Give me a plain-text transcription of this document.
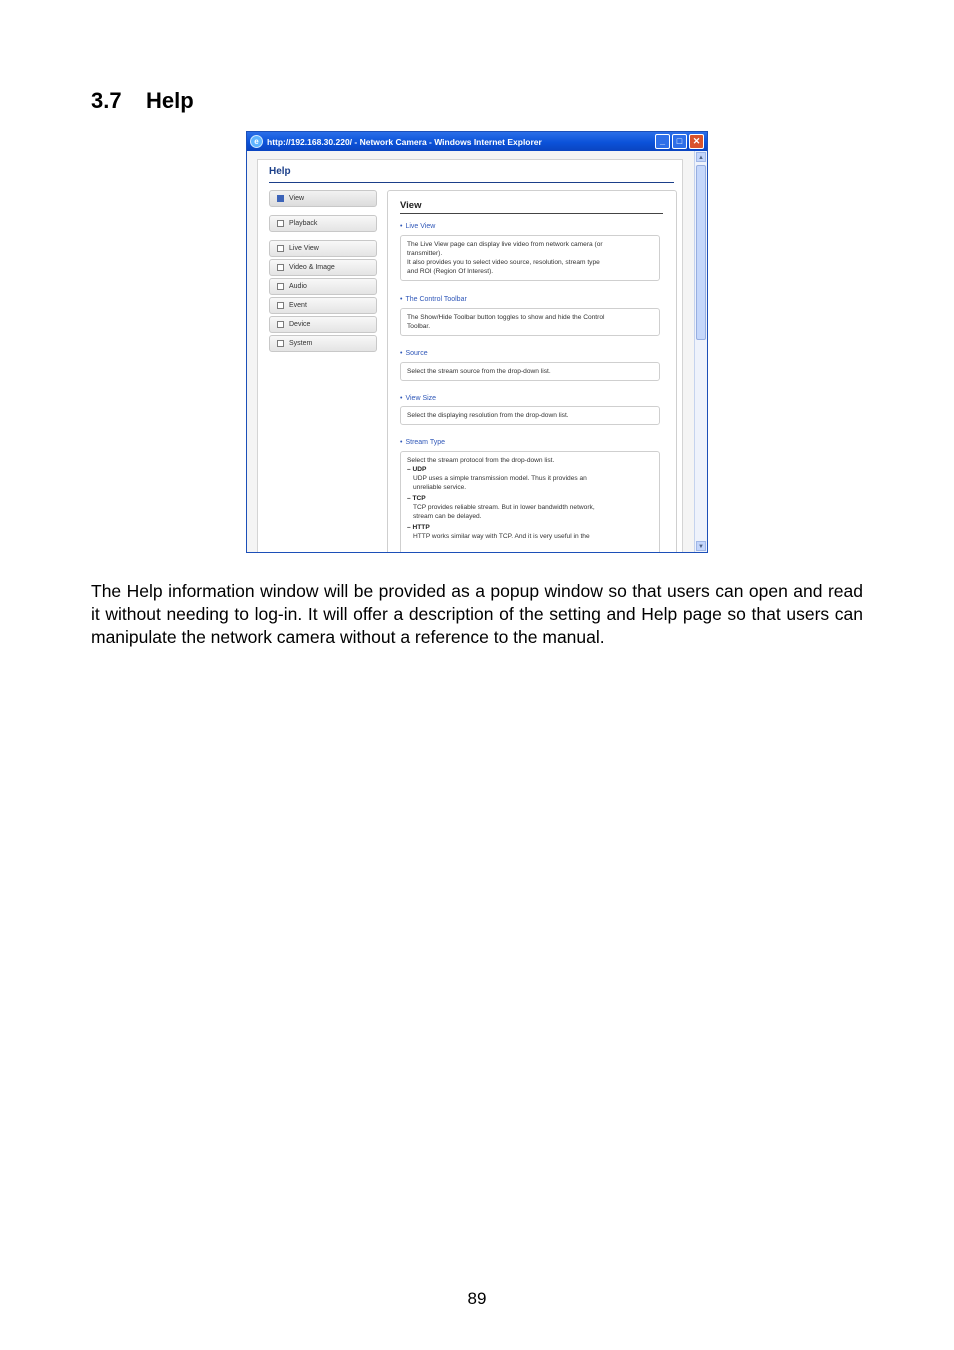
3.7 Help
e http://192.168.30.220/ - Network Camera - Windows Internet Explorer	_	□	✕
Help
View
Playback
Live View
Video & Image
Audio
Event
Device
System
View
• Live View
The Live View page can display live video from network camera (or
transmitter).
It also provides you to select video source, resolution, stream type
and ROI (Region Of Interest).
• The Control Toolbar
The Show/Hide Toolbar button toggles to show and hide the Control
Toolbar.
• Source
Select the stream source from the drop-down list.
• View Size
Select the displaying resolution from the drop-down list.
• Stream Type
Select the stream protocol from the drop-down list.
– UDP
UDP uses a simple transmission model. Thus it provides an
unreliable service.
– TCP
TCP provides reliable stream. But in lower bandwidth network,
stream can be delayed.
– HTTP
HTTP works similar way with TCP. And it is very useful in the
▲
▼
The Help information window will be provided as a popup window so that users can open and read it without needing to log-in. It will offer a description of the setting and Help page so that users can manipulate the network camera without a reference to the manual.
89
